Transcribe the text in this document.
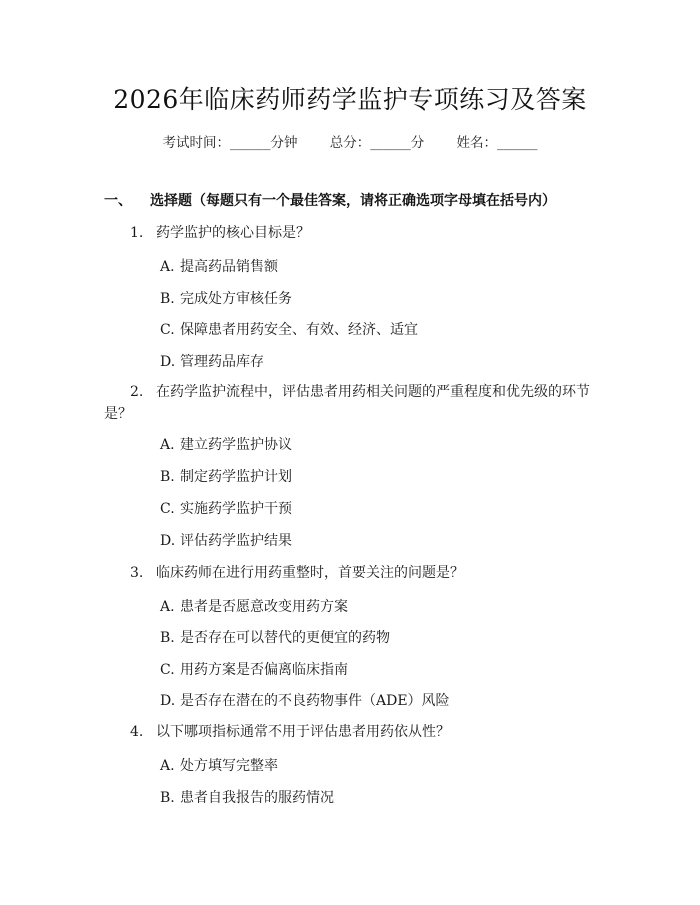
2026年临床药师药学监护专项练习及答案
考试时间：______分钟 总分：______分 姓名：______
一、 选择题（每题只有一个最佳答案，请将正确选项字母填在括号内）
1. 药学监护的核心目标是？
A. 提高药品销售额
B. 完成处方审核任务
C. 保障患者用药安全、有效、经济、适宜
D. 管理药品库存
2. 在药学监护流程中，评估患者用药相关问题的严重程度和优先级的环节是？
A. 建立药学监护协议
B. 制定药学监护计划
C. 实施药学监护干预
D. 评估药学监护结果
3. 临床药师在进行用药重整时，首要关注的问题是？
A. 患者是否愿意改变用药方案
B. 是否存在可以替代的更便宜的药物
C. 用药方案是否偏离临床指南
D. 是否存在潜在的不良药物事件（ADE）风险
4. 以下哪项指标通常不用于评估患者用药依从性？
A. 处方填写完整率
B. 患者自我报告的服药情况
